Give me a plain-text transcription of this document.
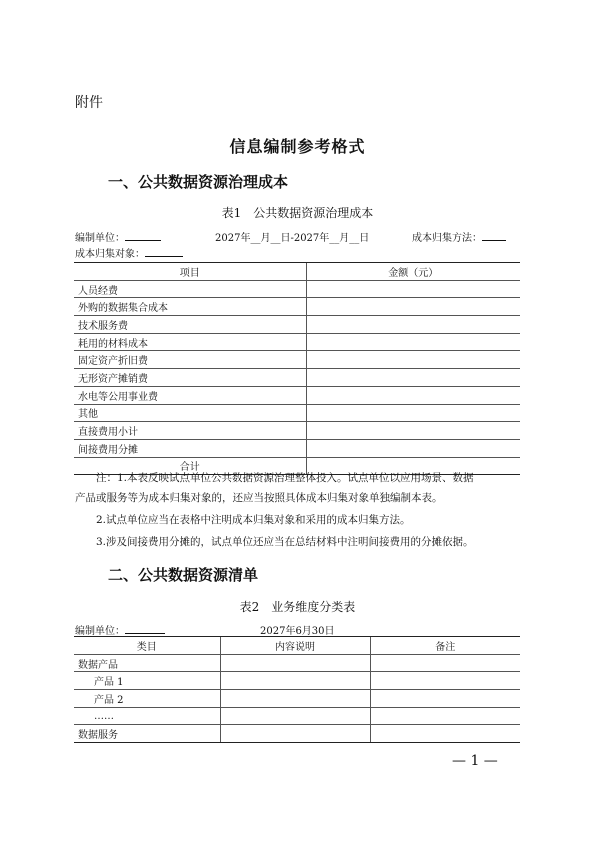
附件
信息编制参考格式
一、公共数据资源治理成本
表1　公共数据资源治理成本
编制单位：	2027年__月__日-2027年__月__日	成本归集方法：
成本归集对象：
项目	金额（元）
人员经费	
外购的数据集合成本	
技术服务费	
耗用的材料成本	
固定资产折旧费	
无形资产摊销费	
水电等公用事业费	
其他	
直接费用小计	
间接费用分摊	
合计	
注：1.本表反映试点单位公共数据资源治理整体投入。试点单位以应用场景、数据
产品或服务等为成本归集对象的，还应当按照具体成本归集对象单独编制本表。
2.试点单位应当在表格中注明成本归集对象和采用的成本归集方法。
3.涉及间接费用分摊的，试点单位还应当在总结材料中注明间接费用的分摊依据。
二、公共数据资源清单
表2　业务维度分类表
编制单位：	2027年6月30日
类目	内容说明	备注
数据产品		
产品 1		
产品 2		
……		
数据服务		
— 1 —
